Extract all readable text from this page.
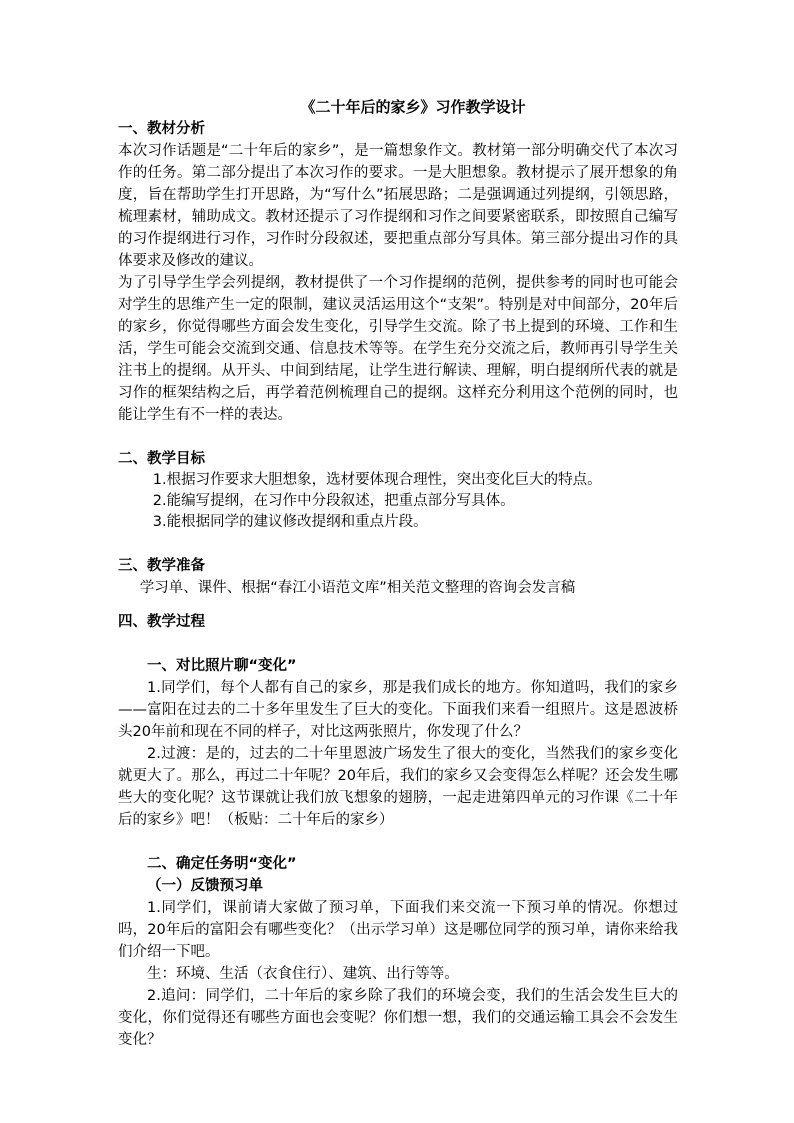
《二十年后的家乡》习作教学设计
一、教材分析

本次习作话题是“二十年后的家乡”，是一篇想象作文。教材第一部分明确交代了本次习作的任务。第二部分提出了本次习作的要求。一是大胆想象。教材提示了展开想象的角度，旨在帮助学生打开思路，为“写什么”拓展思路；二是强调通过列提纲，引领思路，梳理素材，辅助成文。教材还提示了习作提纲和习作之间要紧密联系，即按照自己编写的习作提纲进行习作，习作时分段叙述，要把重点部分写具体。第三部分提出习作的具体要求及修改的建议。

为了引导学生学会列提纲，教材提供了一个习作提纲的范例，提供参考的同时也可能会对学生的思维产生一定的限制，建议灵活运用这个“支架”。特别是对中间部分，20年后的家乡，你觉得哪些方面会发生变化，引导学生交流。除了书上提到的环境、工作和生活，学生可能会交流到交通、信息技术等等。在学生充分交流之后，教师再引导学生关注书上的提纲。从开头、中间到结尾，让学生进行解读、理解，明白提纲所代表的就是习作的框架结构之后，再学着范例梳理自己的提纲。这样充分利用这个范例的同时，也能让学生有不一样的表达。

二、教学目标

1.根据习作要求大胆想象，选材要体现合理性，突出变化巨大的特点。

2.能编写提纲，在习作中分段叙述，把重点部分写具体。

3.能根据同学的建议修改提纲和重点片段。

三、教学准备

学习单、课件、根据“春江小语范文库”相关范文整理的咨询会发言稿

四、教学过程
一、对比照片聊“变化”

1.同学们，每个人都有自己的家乡，那是我们成长的地方。你知道吗，我们的家乡——富阳在过去的二十多年里发生了巨大的变化。下面我们来看一组照片。这是恩波桥头20年前和现在不同的样子，对比这两张照片，你发现了什么？

2.过渡：是的，过去的二十年里恩波广场发生了很大的变化，当然我们的家乡变化就更大了。那么，再过二十年呢？20年后，我们的家乡又会变得怎么样呢？还会发生哪些大的变化呢？这节课就让我们放飞想象的翅膀，一起走进第四单元的习作课《二十年后的家乡》吧！（板贴：二十年后的家乡）

二、确定任务明“变化”
（一）反馈预习单

1.同学们，课前请大家做了预习单，下面我们来交流一下预习单的情况。你想过吗，20年后的富阳会有哪些变化？（出示学习单）这是哪位同学的预习单，请你来给我们介绍一下吧。

生：环境、生活（衣食住行）、建筑、出行等等。

2.追问：同学们，二十年后的家乡除了我们的环境会变，我们的生活会发生巨大的变化，你们觉得还有哪些方面也会变呢？你们想一想，我们的交通运输工具会不会发生变化？
